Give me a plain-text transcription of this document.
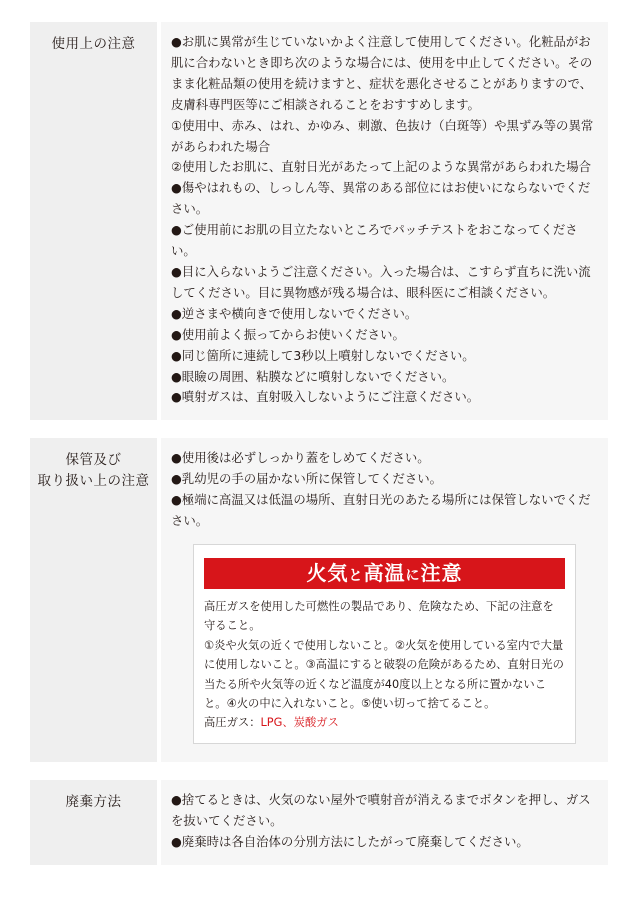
使用上の注意	●お肌に異常が生じていないかよく注意して使用してください。化粧品がお肌に合わないとき即ち次のような場合には、使用を中止してください。そのまま化粧品類の使用を続けますと、症状を悪化させることがありますので、皮膚科専門医等にご相談されることをおすすめします。

①使用中、赤み、はれ、かゆみ、刺激、色抜け（白斑等）や黒ずみ等の異常があらわれた場合

②使用したお肌に、直射日光があたって上記のような異常があらわれた場合

●傷やはれもの、しっしん等、異常のある部位にはお使いにならないでください。

●ご使用前にお肌の目立たないところでパッチテストをおこなってください。

●目に入らないようご注意ください。入った場合は、こすらず直ちに洗い流してください。目に異物感が残る場合は、眼科医にご相談ください。

●逆さまや横向きで使用しないでください。

●使用前よく振ってからお使いください。

●同じ箇所に連続して3秒以上噴射しないでください。

●眼瞼の周囲、粘膜などに噴射しないでください。

●噴射ガスは、直射吸入しないようにご注意ください。

保管及び
取り扱い上の注意

●使用後は必ずしっかり蓋をしめてください。

●乳幼児の手の届かない所に保管してください。

●極端に高温又は低温の場所、直射日光のあたる場所には保管しないでください。

火気と高温に注意

高圧ガスを使用した可燃性の製品であり、危険なため、下記の注意を守ること。

①炎や火気の近くで使用しないこと。②火気を使用している室内で大量に使用しないこと。③高温にすると破裂の危険があるため、直射日光の当たる所や火気等の近くなど温度が40度以上となる所に置かないこと。④火の中に入れないこと。⑤使い切って捨てること。

高圧ガス：LPG、炭酸ガス

廃棄方法	●捨てるときは、火気のない屋外で噴射音が消えるまでボタンを押し、ガスを抜いてください。

●廃棄時は各自治体の分別方法にしたがって廃棄してください。
